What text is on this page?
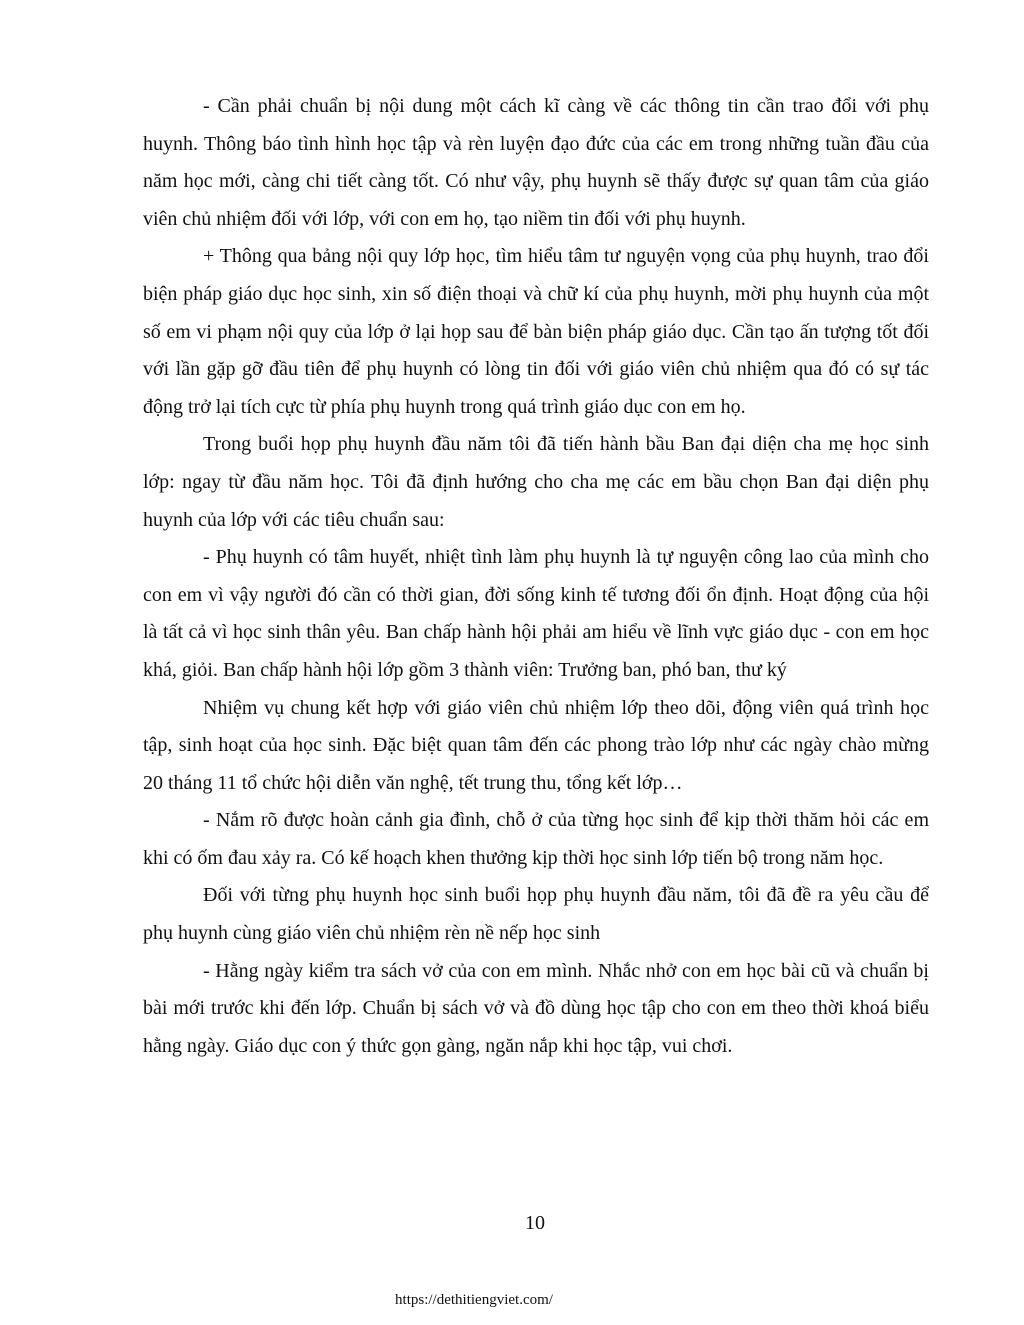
- Cần phải chuẩn bị nội dung một cách kĩ càng về các thông tin cần trao đổi với phụ huynh. Thông báo tình hình học tập và rèn luyện đạo đức của các em trong những tuần đầu của năm học mới, càng chi tiết càng tốt. Có như vậy, phụ huynh sẽ thấy được sự quan tâm của giáo viên chủ nhiệm đối với lớp, với con em họ, tạo niềm tin đối với phụ huynh.

+ Thông qua bảng nội quy lớp học, tìm hiểu tâm tư nguyện vọng của phụ huynh, trao đổi biện pháp giáo dục học sinh, xin số điện thoại và chữ kí của phụ huynh, mời phụ huynh của một số em vi phạm nội quy của lớp ở lại họp sau để bàn biện pháp giáo dục. Cần tạo ấn tượng tốt đối với lần gặp gỡ đầu tiên để phụ huynh có lòng tin đối với giáo viên chủ nhiệm qua đó có sự tác động trở lại tích cực từ phía phụ huynh trong quá trình giáo dục con em họ.

Trong buổi họp phụ huynh đầu năm tôi đã tiến hành bầu Ban đại diện cha mẹ học sinh lớp: ngay từ đầu năm học. Tôi đã định hướng cho cha mẹ các em bầu chọn Ban đại diện phụ huynh của lớp với các tiêu chuẩn sau:

- Phụ huynh có tâm huyết, nhiệt tình làm phụ huynh là tự nguyện công lao của mình cho con em vì vậy người đó cần có thời gian, đời sống kinh tế tương đối ổn định. Hoạt động của hội là tất cả vì học sinh thân yêu. Ban chấp hành hội phải am hiểu về lĩnh vực giáo dục - con em học khá, giỏi. Ban chấp hành hội lớp gồm 3 thành viên: Trưởng ban, phó ban, thư ký

Nhiệm vụ chung kết hợp với giáo viên chủ nhiệm lớp theo dõi, động viên quá trình học tập, sinh hoạt của học sinh. Đặc biệt quan tâm đến các phong trào lớp như các ngày chào mừng 20 tháng 11 tổ chức hội diễn văn nghệ, tết trung thu, tổng kết lớp…

- Nắm rõ được hoàn cảnh gia đình, chỗ ở của từng học sinh để kịp thời thăm hỏi các em khi có ốm đau xảy ra. Có kế hoạch khen thưởng kịp thời học sinh lớp tiến bộ trong năm học.

Đối với từng phụ huynh học sinh buổi họp phụ huynh đầu năm, tôi đã đề ra yêu cầu để phụ huynh cùng giáo viên chủ nhiệm rèn nề nếp học sinh

- Hằng ngày kiểm tra sách vở của con em mình. Nhắc nhở con em học bài cũ và chuẩn bị bài mới trước khi đến lớp. Chuẩn bị sách vở và đồ dùng học tập cho con em theo thời khoá biểu hằng ngày. Giáo dục con ý thức gọn gàng, ngăn nắp khi học tập, vui chơi.

10
https://dethitiengviet.com/
